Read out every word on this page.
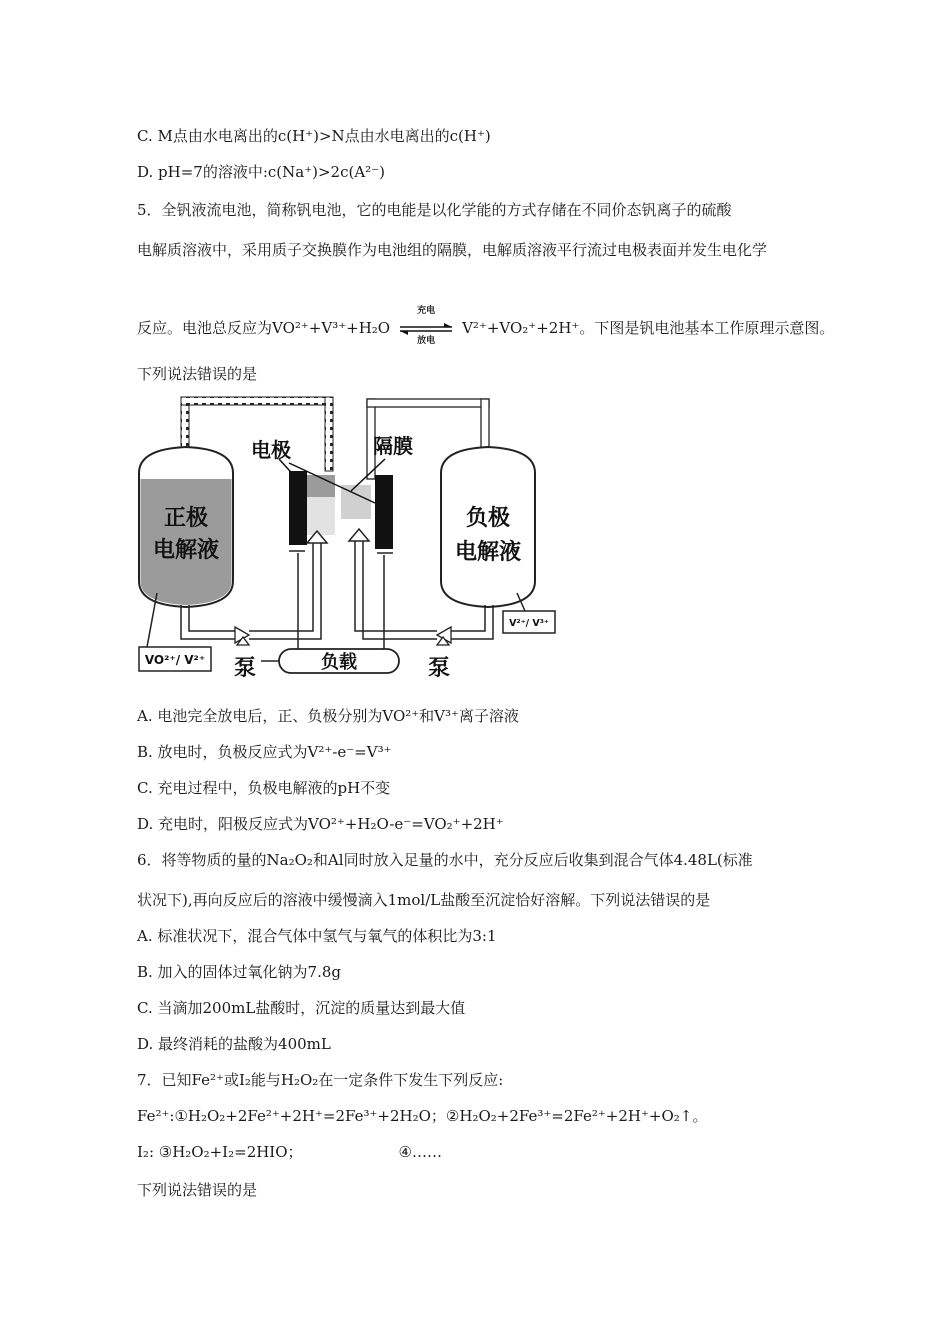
C. M点由水电离出的c(H⁺)>N点由水电离出的c(H⁺)
D. pH=7的溶液中:c(Na⁺)>2c(A²⁻)
5．全钒液流电池，简称钒电池，它的电能是以化学能的方式存储在不同价态钒离子的硫酸
电解质溶液中，采用质子交换膜作为电池组的隔膜，电解质溶液平行流过电极表面并发生电化学
反应。电池总反应为VO²⁺+V³⁺+H₂O
充电
放电
V²⁺+VO₂⁺+2H⁺。下图是钒电池基本工作原理示意图。
下列说法错误的是
正极
电解液
负极
电解液
电极	隔膜
负载
泵	泵
VO²⁺/ V²⁺
V²⁺/ V³⁺
A. 电池完全放电后，正、负极分别为VO²⁺和V³⁺离子溶液
B. 放电时，负极反应式为V²⁺-e⁻=V³⁺
C. 充电过程中，负极电解液的pH不变
D. 充电时，阳极反应式为VO²⁺+H₂O-e⁻=VO₂⁺+2H⁺
6．将等物质的量的Na₂O₂和Al同时放入足量的水中，充分反应后收集到混合气体4.48L(标准
状况下),再向反应后的溶液中缓慢滴入1mol/L盐酸至沉淀恰好溶解。下列说法错误的是
A. 标准状况下，混合气体中氢气与氧气的体积比为3:1
B. 加入的固体过氧化钠为7.8g
C. 当滴加200mL盐酸时，沉淀的质量达到最大值
D. 最终消耗的盐酸为400mL
7．已知Fe²⁺或I₂能与H₂O₂在一定条件下发生下列反应:
Fe²⁺:①H₂O₂+2Fe²⁺+2H⁺=2Fe³⁺+2H₂O；②H₂O₂+2Fe³⁺=2Fe²⁺+2H⁺+O₂↑。
I₂: ③H₂O₂+I₂=2HIO；	④……
下列说法错误的是
